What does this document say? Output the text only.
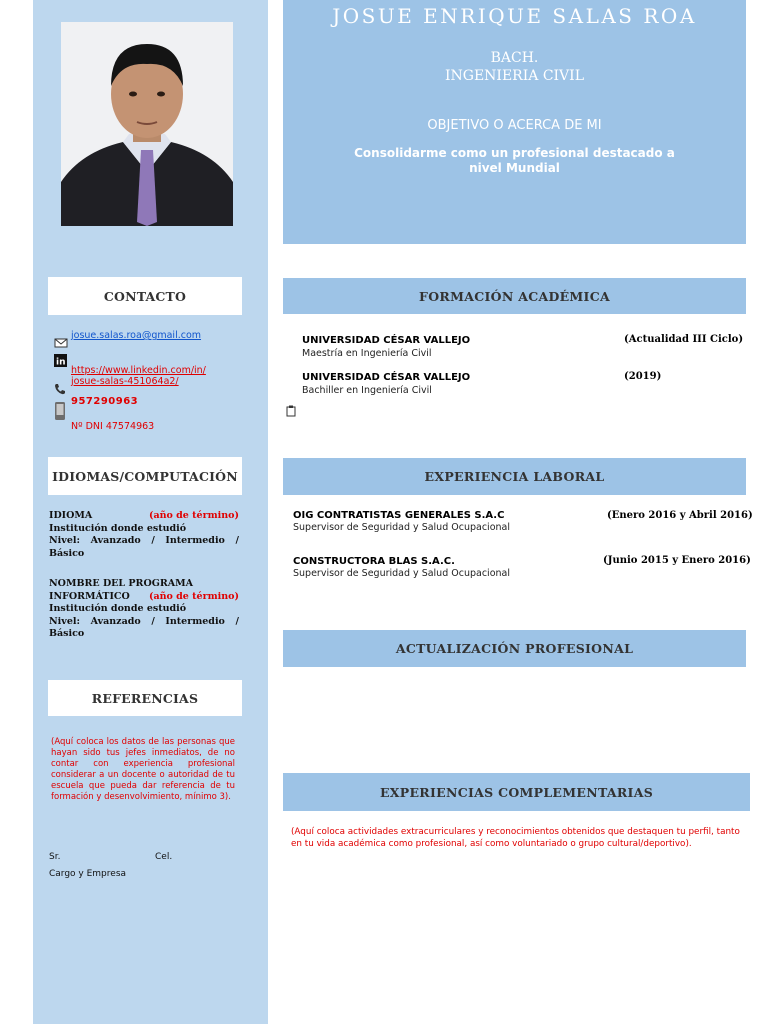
JOSUE ENRIQUE SALAS ROA
BACH.
INGENIERIA CIVIL
OBJETIVO O ACERCA DE MI
Consolidarme como un profesional destacado a nivel Mundial
CONTACTO
josue.salas.roa@gmail.com
in
https://www.linkedin.com/in/
josue-salas-451064a2/
957290963
Nº DNI 47574963
IDIOMAS/COMPUTACIÓN
IDIOMA	(año de término)
Institución donde estudió
Nivel: Avanzado / Intermedio / Básico
NOMBRE DEL PROGRAMA
INFORMÁTICO (año de término)
Institución donde estudió
Nivel: Avanzado / Intermedio / Básico
REFERENCIAS
(Aquí coloca los datos de las personas que hayan sido tus jefes inmediatos, de no contar con experiencia profesional considerar a un docente o autoridad de tu escuela que pueda dar referencia de tu formación y desenvolvimiento, mínimo 3).
Sr.	Cel.
Cargo y Empresa
FORMACIÓN ACADÉMICA
UNIVERSIDAD CÉSAR VALLEJO
Maestría en Ingeniería Civil
(Actualidad III Ciclo)
UNIVERSIDAD CÉSAR VALLEJO
Bachiller en Ingeniería Civil
(2019)
EXPERIENCIA LABORAL
OIG CONTRATISTAS GENERALES S.A.C
Supervisor de Seguridad y Salud Ocupacional
(Enero 2016 y Abril 2016)
CONSTRUCTORA BLAS S.A.C.
Supervisor de Seguridad y Salud Ocupacional
(Junio 2015 y Enero 2016)
ACTUALIZACIÓN PROFESIONAL
EXPERIENCIAS COMPLEMENTARIAS
(Aquí coloca actividades extracurriculares y reconocimientos obtenidos que destaquen tu perfil, tanto en tu vida académica como profesional, así como voluntariado o grupo cultural/deportivo).
